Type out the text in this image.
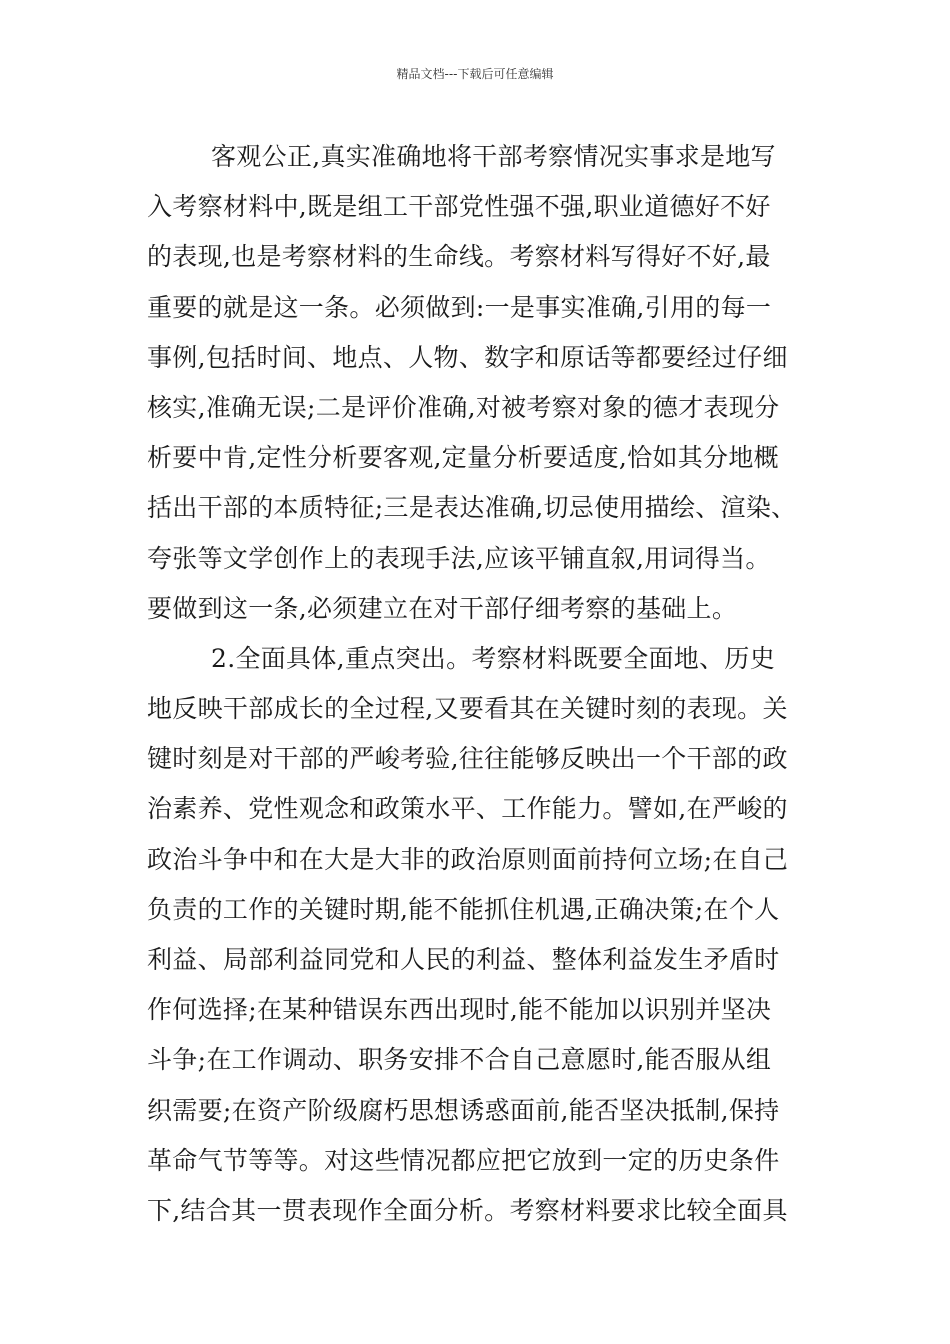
精品文档---下载后可任意编辑
客观公正,真实准确地将干部考察情况实事求是地写
入考察材料中,既是组工干部党性强不强,职业道德好不好
的表现,也是考察材料的生命线。考察材料写得好不好,最
重要的就是这一条。必须做到:一是事实准确,引用的每一
事例,包括时间、地点、人物、数字和原话等都要经过仔细
核实,准确无误;二是评价准确,对被考察对象的德才表现分
析要中肯,定性分析要客观,定量分析要适度,恰如其分地概
括出干部的本质特征;三是表达准确,切忌使用描绘、渲染、
夸张等文学创作上的表现手法,应该平铺直叙,用词得当。
要做到这一条,必须建立在对干部仔细考察的基础上。
2.全面具体,重点突出。考察材料既要全面地、历史
地反映干部成长的全过程,又要看其在关键时刻的表现。关
键时刻是对干部的严峻考验,往往能够反映出一个干部的政
治素养、党性观念和政策水平、工作能力。譬如,在严峻的
政治斗争中和在大是大非的政治原则面前持何立场;在自己
负责的工作的关键时期,能不能抓住机遇,正确决策;在个人
利益、局部利益同党和人民的利益、整体利益发生矛盾时
作何选择;在某种错误东西出现时,能不能加以识别并坚决
斗争;在工作调动、职务安排不合自己意愿时,能否服从组
织需要;在资产阶级腐朽思想诱惑面前,能否坚决抵制,保持
革命气节等等。对这些情况都应把它放到一定的历史条件
下,结合其一贯表现作全面分析。考察材料要求比较全面具
